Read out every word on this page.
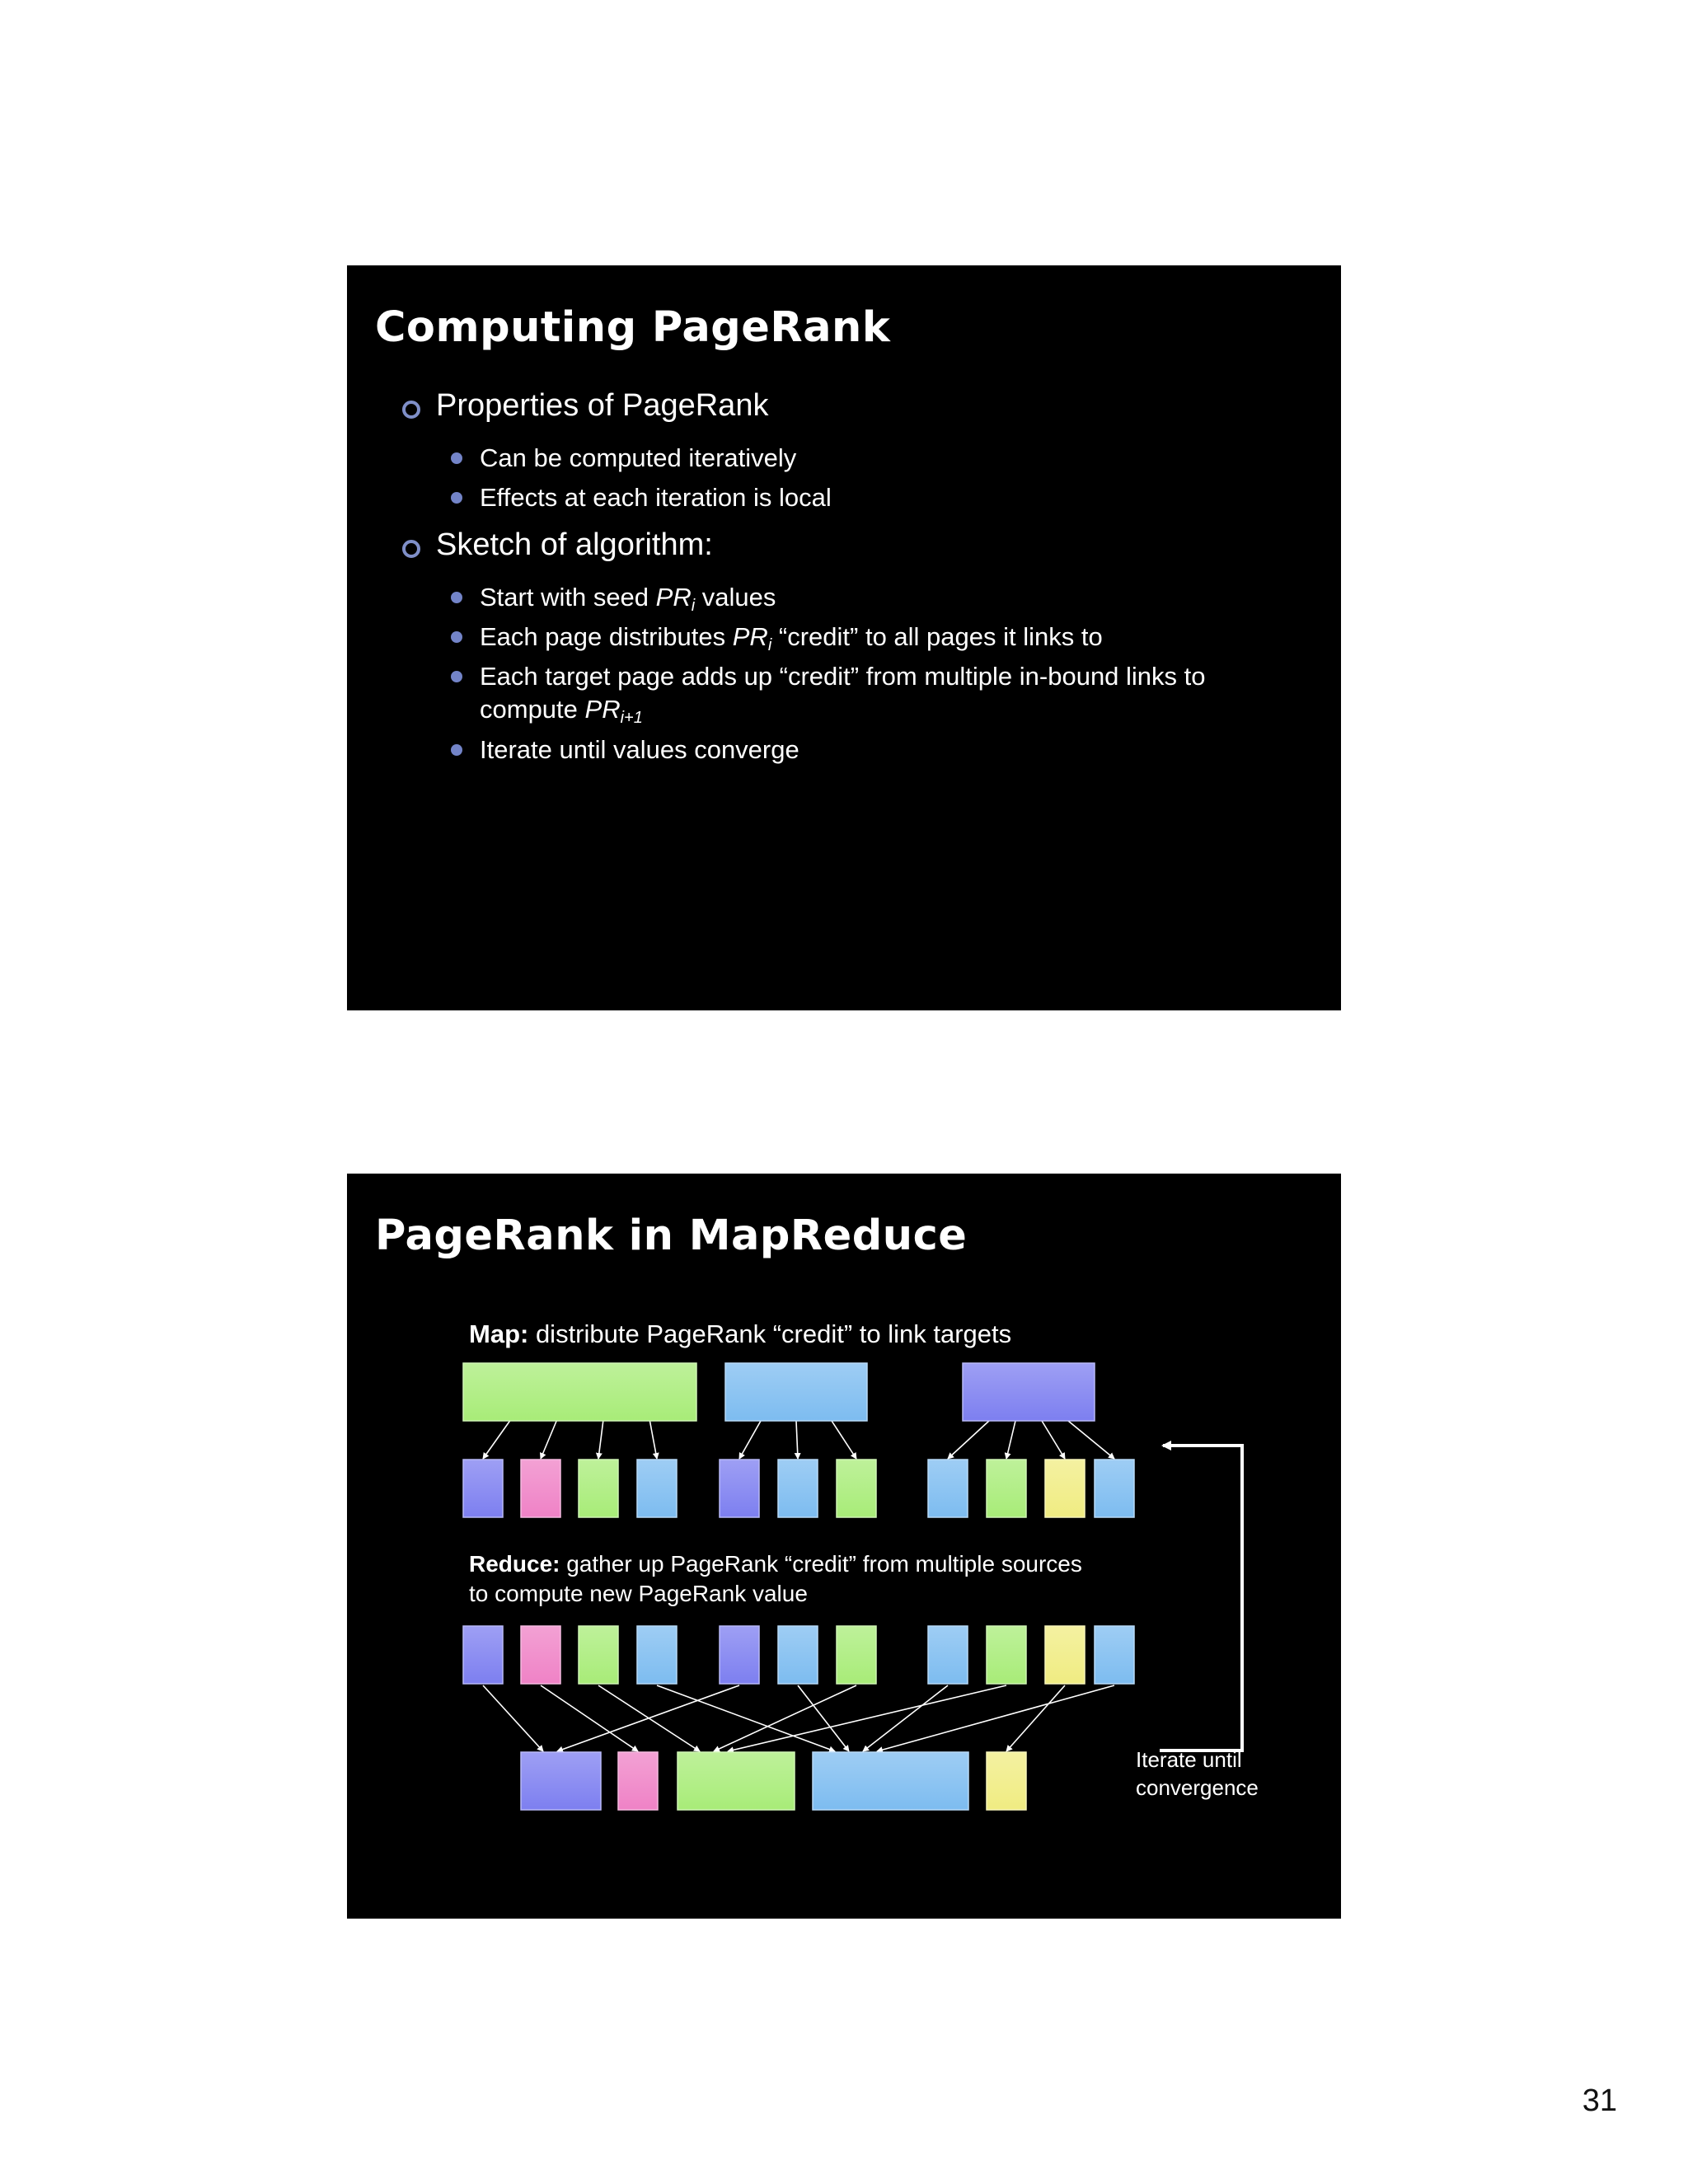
Computing PageRank
Properties of PageRank
Can be computed iteratively
Effects at each iteration is local
Sketch of algorithm:
Start with seed $PR_i$ values
Each page distributes $PR_i$ “credit” to all pages it links to
Each target page adds up “credit” from multiple in-bound links to
compute $PR_{i+1}$
Iterate until values converge
PageRank in MapReduce
Map: distribute PageRank “credit” to link targets
Reduce: gather up PageRank “credit” from multiple sources
to compute new PageRank value
Iterate until
convergence
31
